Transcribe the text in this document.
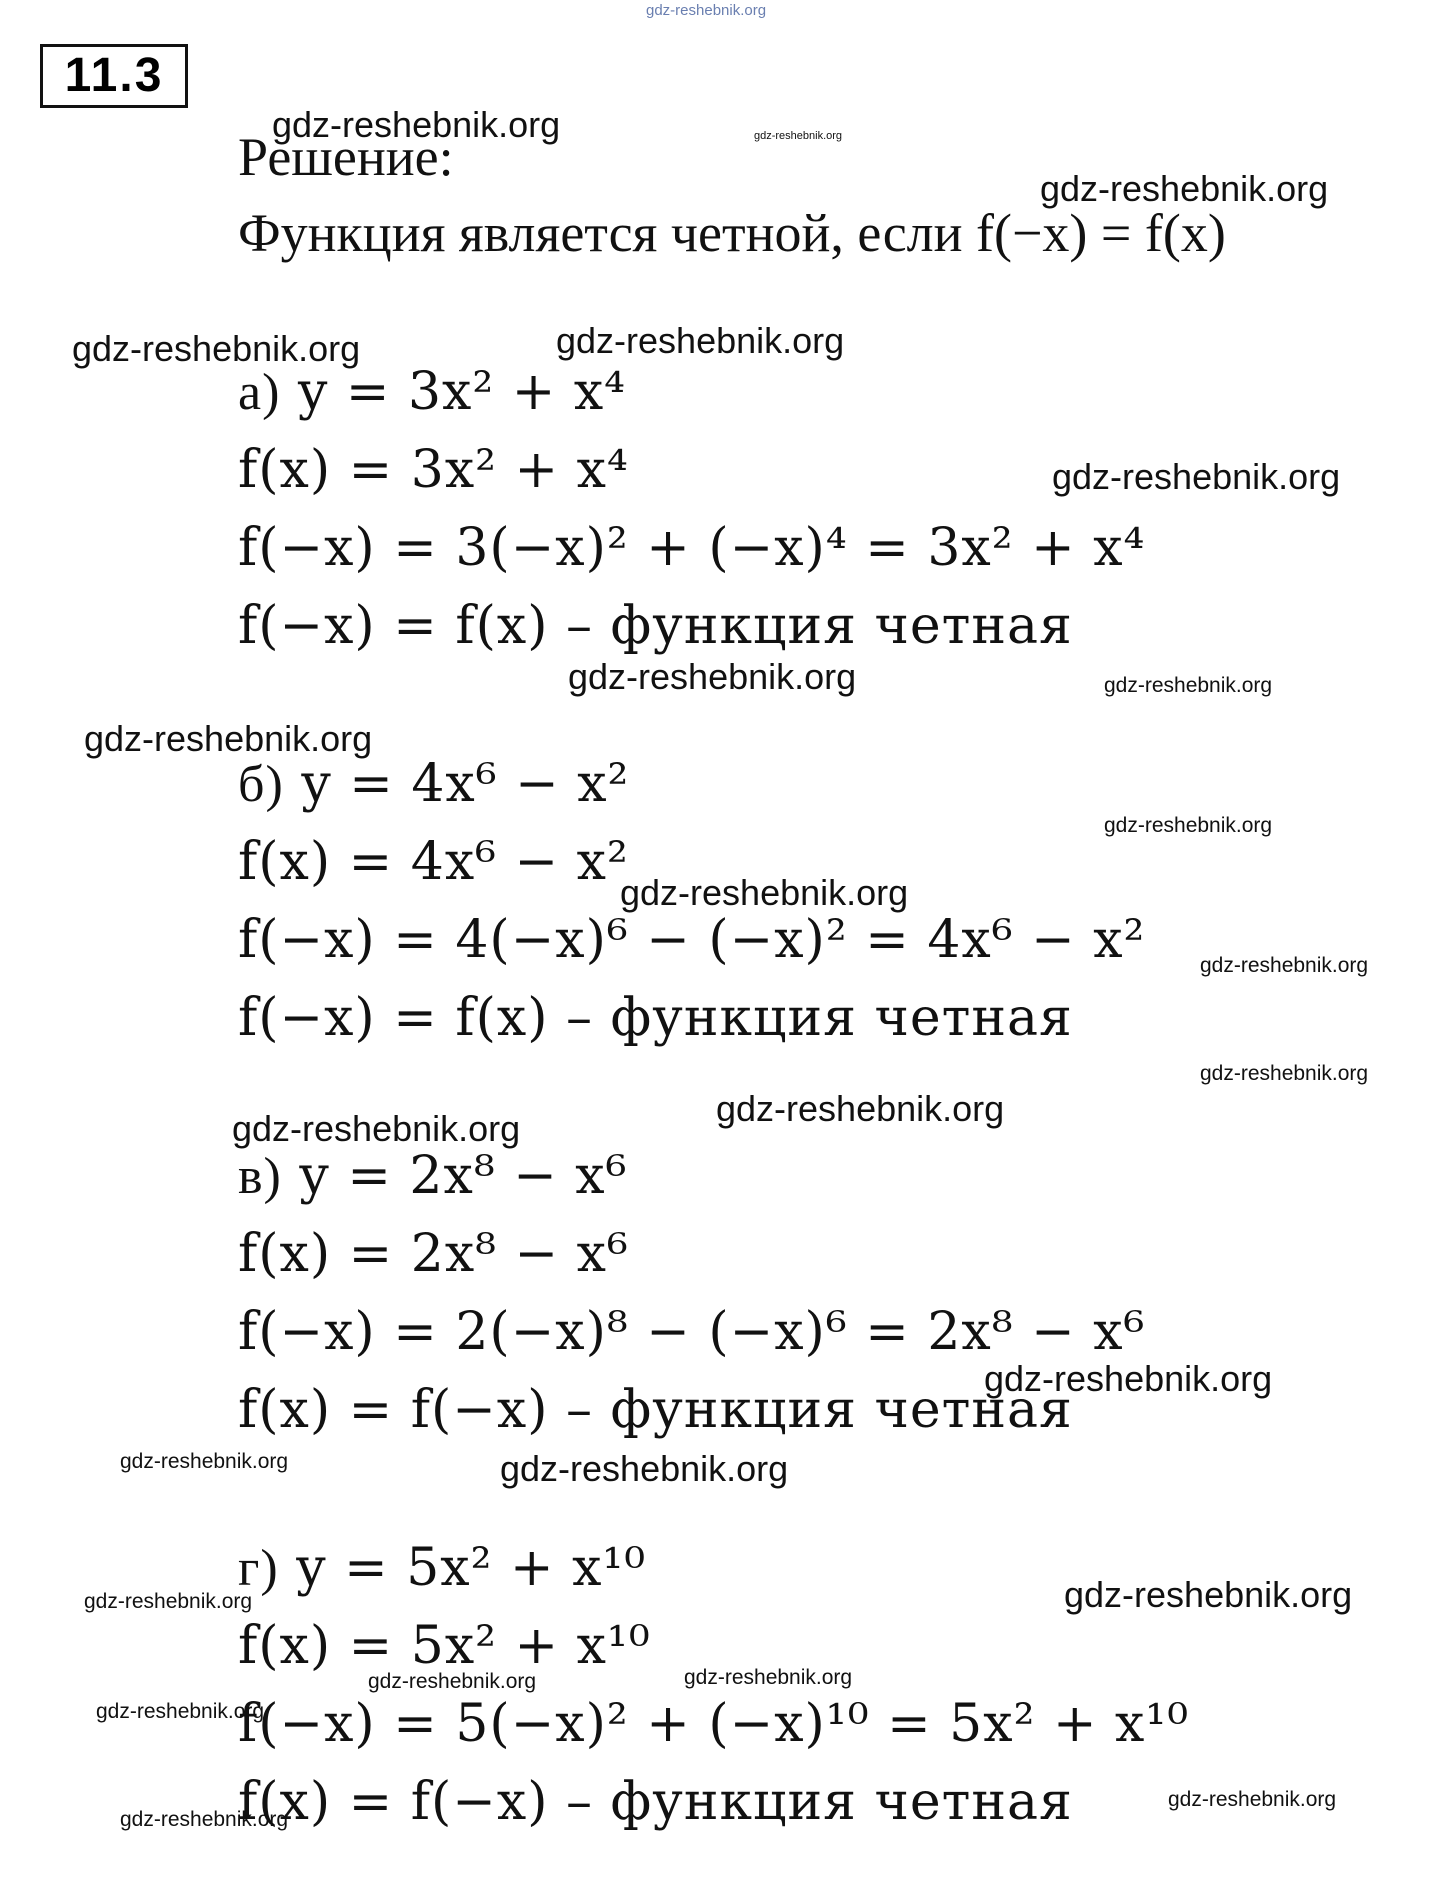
11.3
Решение:
Функция является четной, если f(−x) = f(x)
а) y = 3x² + x⁴
f(x) = 3x² + x⁴
f(−x) = 3(−x)² + (−x)⁴ = 3x² + x⁴
f(−x) = f(x) – функция четная
б) y = 4x⁶ − x²
f(x) = 4x⁶ − x²
f(−x) = 4(−x)⁶ − (−x)² = 4x⁶ − x²
f(−x) = f(x) – функция четная
в) y = 2x⁸ − x⁶
f(x) = 2x⁸ − x⁶
f(−x) = 2(−x)⁸ − (−x)⁶ = 2x⁸ − x⁶
f(x) = f(−x) – функция четная
г) y = 5x² + x¹⁰
f(x) = 5x² + x¹⁰
f(−x) = 5(−x)² + (−x)¹⁰ = 5x² + x¹⁰
f(x) = f(−x) – функция четная
gdz-reshebnik.org
gdz-reshebnik.org	gdz-reshebnik.org
gdz-reshebnik.org
gdz-reshebnik.org	gdz-reshebnik.org
gdz-reshebnik.org
gdz-reshebnik.org	gdz-reshebnik.org
gdz-reshebnik.org
gdz-reshebnik.org
gdz-reshebnik.org
gdz-reshebnik.org
gdz-reshebnik.org
gdz-reshebnik.org
gdz-reshebnik.org
gdz-reshebnik.org
gdz-reshebnik.org	gdz-reshebnik.org
gdz-reshebnik.org	gdz-reshebnik.org
gdz-reshebnik.org	gdz-reshebnik.org
gdz-reshebnik.org
gdz-reshebnik.org
gdz-reshebnik.org
